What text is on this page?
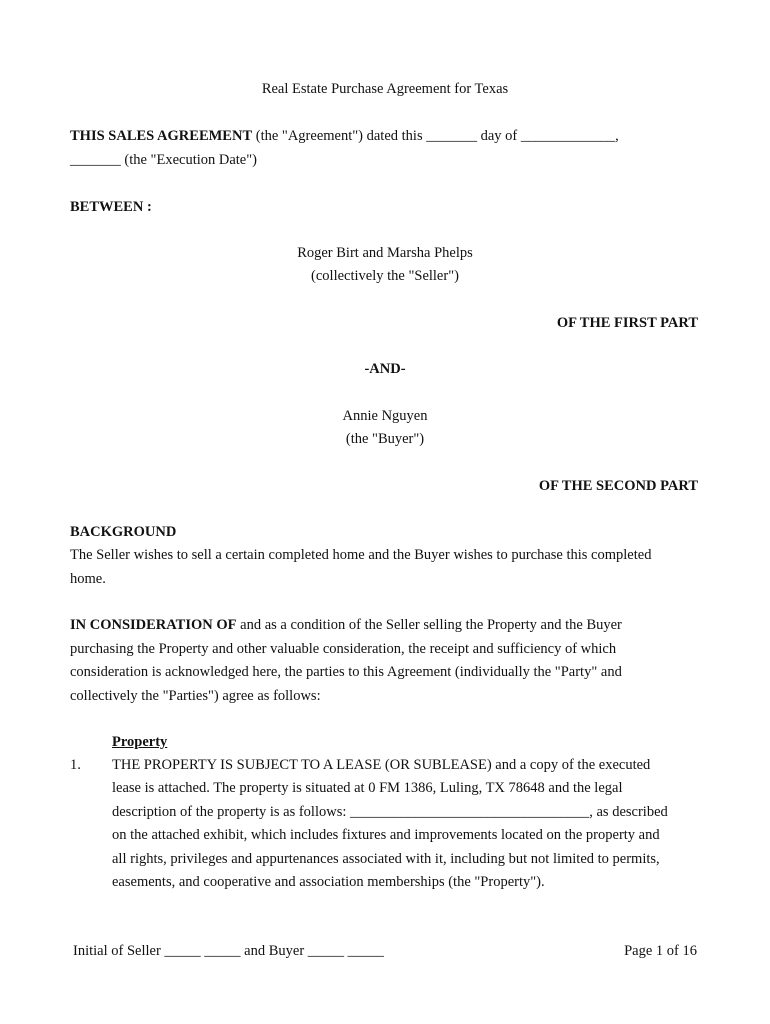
Real Estate Purchase Agreement for Texas
THIS SALES AGREEMENT (the "Agreement") dated this _______ day of _____________,
_______ (the "Execution Date")
BETWEEN :
Roger Birt and Marsha Phelps
(collectively the "Seller")
OF THE FIRST PART
-AND-
Annie Nguyen
(the "Buyer")
OF THE SECOND PART
BACKGROUND
The Seller wishes to sell a certain completed home and the Buyer wishes to purchase this completed
home.
IN CONSIDERATION OF and as a condition of the Seller selling the Property and the Buyer
purchasing the Property and other valuable consideration, the receipt and sufficiency of which
consideration is acknowledged here, the parties to this Agreement (individually the "Party" and
collectively the "Parties") agree as follows:
Property
1. THE PROPERTY IS SUBJECT TO A LEASE (OR SUBLEASE) and a copy of the executed
lease is attached. The property is situated at 0 FM 1386, Luling, TX 78648 and the legal
description of the property is as follows: _________________________________, as described
on the attached exhibit, which includes fixtures and improvements located on the property and
all rights, privileges and appurtenances associated with it, including but not limited to permits,
easements, and cooperative and association memberships (the "Property").
Initial of Seller _____ _____ and Buyer _____ _____	Page 1 of 16
